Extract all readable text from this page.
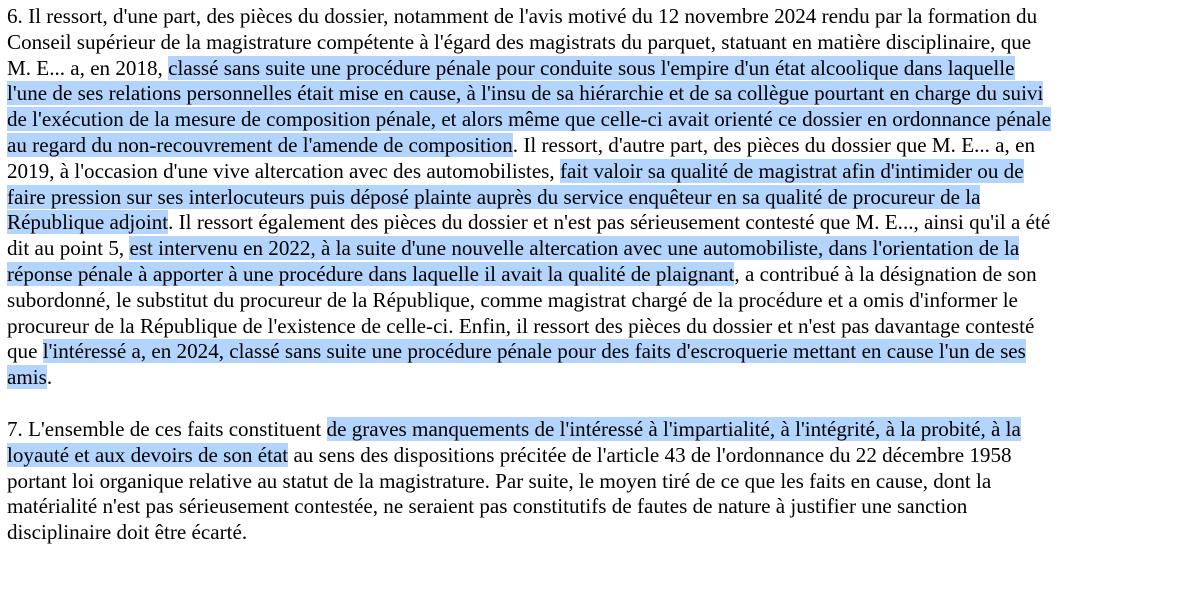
6. Il ressort, d'une part, des pièces du dossier, notamment de l'avis motivé du 12 novembre 2024 rendu par la formation du
Conseil supérieur de la magistrature compétente à l'égard des magistrats du parquet, statuant en matière disciplinaire, que
M. E... a, en 2018, classé sans suite une procédure pénale pour conduite sous l'empire d'un état alcoolique dans laquelle
l'une de ses relations personnelles était mise en cause, à l'insu de sa hiérarchie et de sa collègue pourtant en charge du suivi
de l'exécution de la mesure de composition pénale, et alors même que celle-ci avait orienté ce dossier en ordonnance pénale
au regard du non-recouvrement de l'amende de composition. Il ressort, d'autre part, des pièces du dossier que M. E... a, en
2019, à l'occasion d'une vive altercation avec des automobilistes, fait valoir sa qualité de magistrat afin d'intimider ou de
faire pression sur ses interlocuteurs puis déposé plainte auprès du service enquêteur en sa qualité de procureur de la
République adjoint. Il ressort également des pièces du dossier et n'est pas sérieusement contesté que M. E..., ainsi qu'il a été
dit au point 5, est intervenu en 2022, à la suite d'une nouvelle altercation avec une automobiliste, dans l'orientation de la
réponse pénale à apporter à une procédure dans laquelle il avait la qualité de plaignant, a contribué à la désignation de son
subordonné, le substitut du procureur de la République, comme magistrat chargé de la procédure et a omis d'informer le
procureur de la République de l'existence de celle-ci. Enfin, il ressort des pièces du dossier et n'est pas davantage contesté
que l'intéressé a, en 2024, classé sans suite une procédure pénale pour des faits d'escroquerie mettant en cause l'un de ses
amis.

7. L'ensemble de ces faits constituent de graves manquements de l'intéressé à l'impartialité, à l'intégrité, à la probité, à la
loyauté et aux devoirs de son état au sens des dispositions précitée de l'article 43 de l'ordonnance du 22 décembre 1958
portant loi organique relative au statut de la magistrature. Par suite, le moyen tiré de ce que les faits en cause, dont la
matérialité n'est pas sérieusement contestée, ne seraient pas constitutifs de fautes de nature à justifier une sanction
disciplinaire doit être écarté.
